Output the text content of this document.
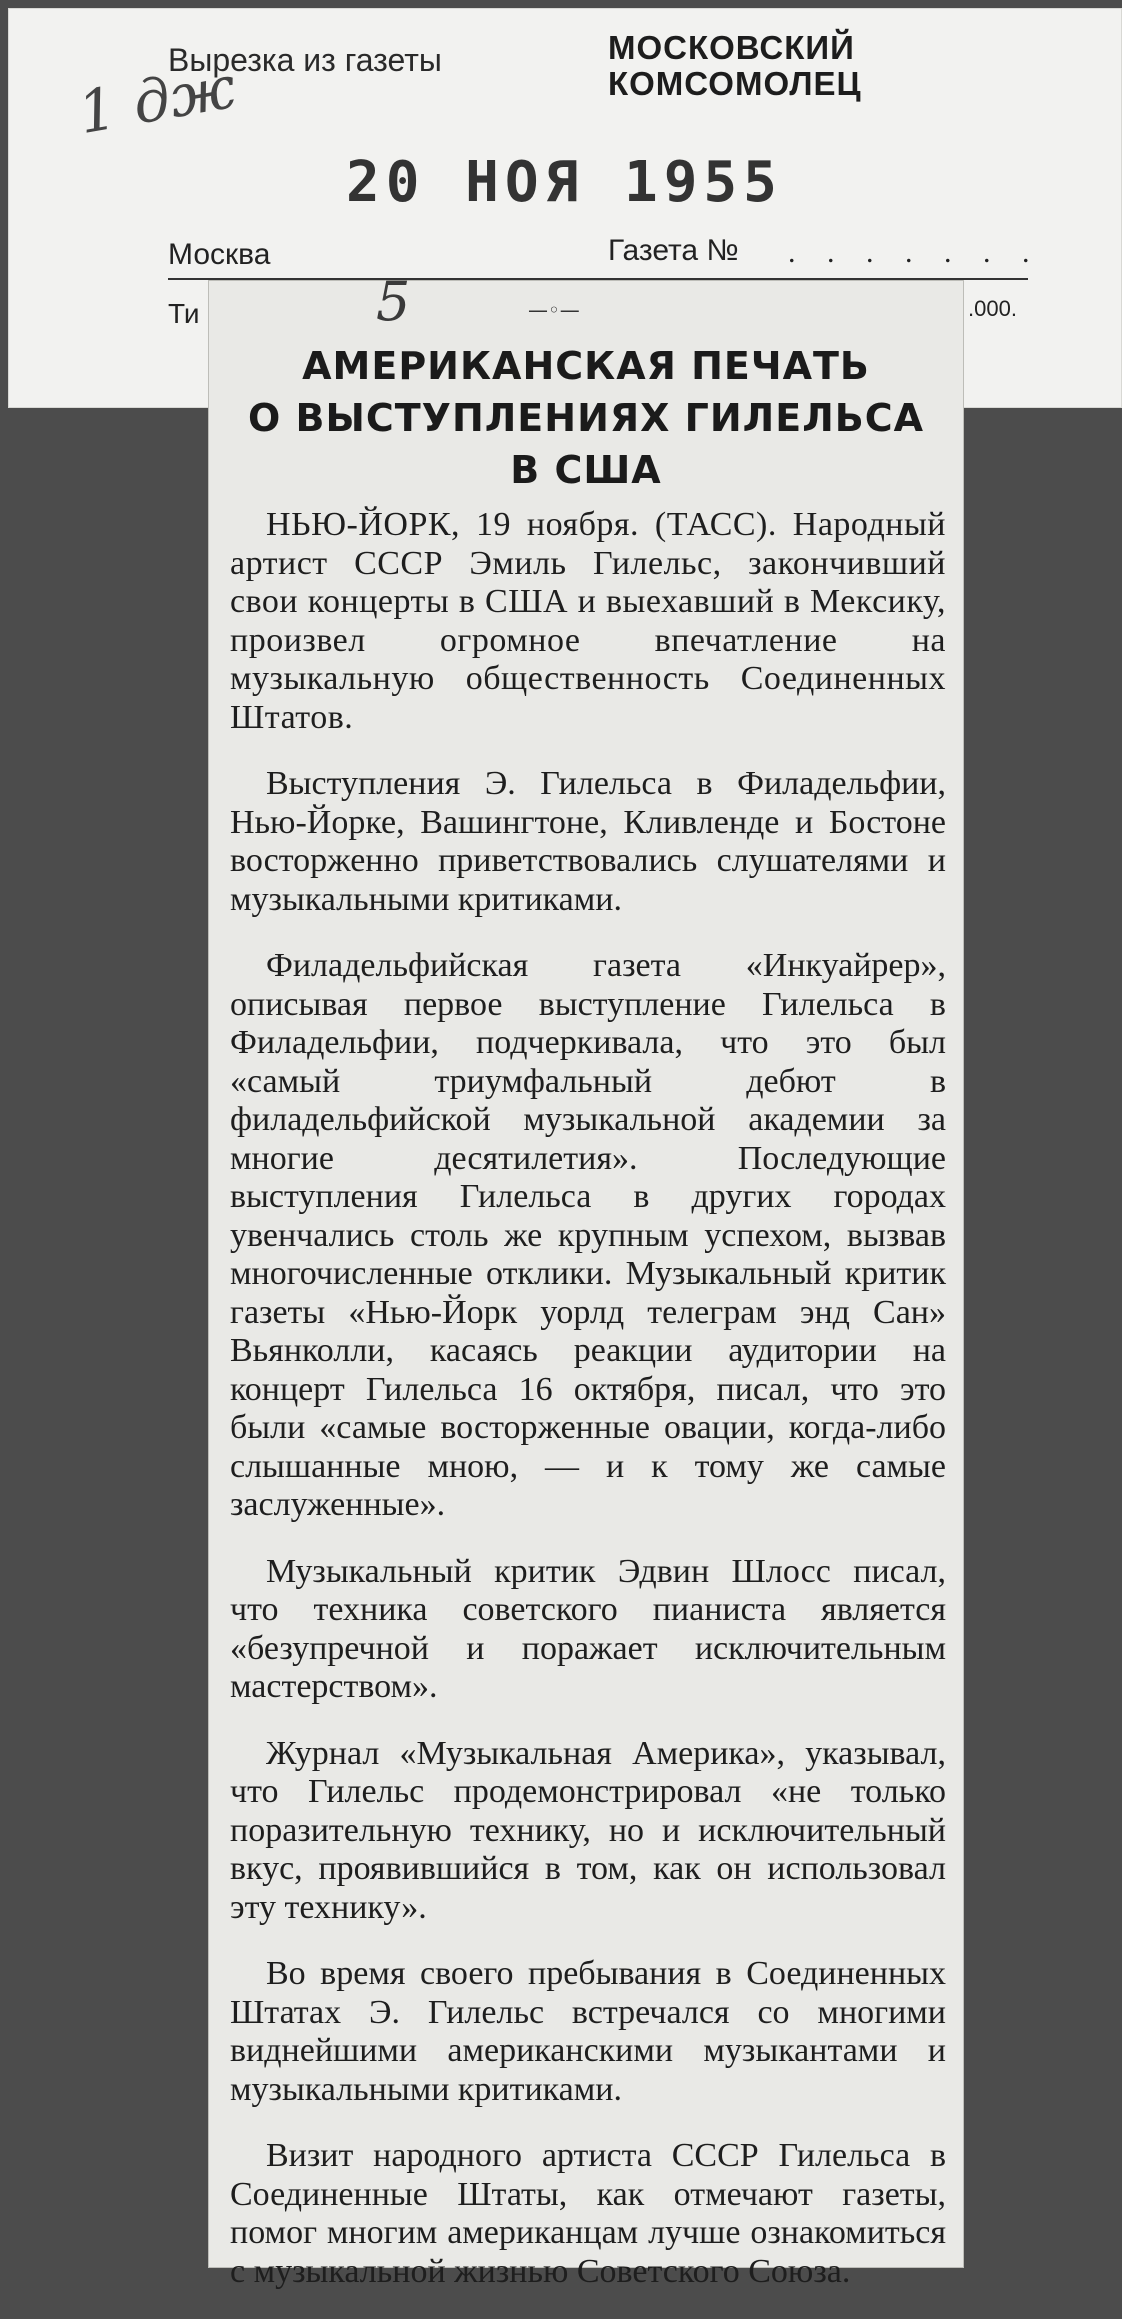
1 дж
Вырезка из газеты	МОСКОВСКИЙ
КОМСОМОЛЕЦ
20 НОЯ 1955
Москва	Газета № . . . . . . .
Ти	.000.
5	—◦—
АМЕРИКАНСКАЯ ПЕЧАТЬ
О ВЫСТУПЛЕНИЯХ ГИЛЕЛЬСА
В США

НЬЮ-ЙОРК, 19 ноября. (ТАСС). Народный артист СССР Эмиль Гилельс, закончивший свои концерты в США и выехавший в Мексику, произвел огромное впечатление на музыкальную общественность Соединенных Штатов.

Выступления Э. Гилельса в Филадельфии, Нью-Йорке, Вашингтоне, Кливленде и Бостоне восторженно приветствовались слушателями и музыкальными критиками.

Филадельфийская газета «Инкуайрер», описывая первое выступление Гилельса в Филадельфии, подчеркивала, что это был «самый триумфальный дебют в филадельфийской музыкальной академии за многие десятилетия». Последующие выступления Гилельса в других городах увенчались столь же крупным успехом, вызвав многочисленные отклики. Музыкальный критик газеты «Нью-Йорк уорлд телеграм энд Сан» Вьянколли, касаясь реакции аудитории на концерт Гилельса 16 октября, писал, что это были «самые восторженные овации, когда-либо слышанные мною, — и к тому же самые заслуженные».

Музыкальный критик Эдвин Шлосс писал, что техника советского пианиста является «безупречной и поражает исключительным мастерством».

Журнал «Музыкальная Америка», указывал, что Гилельс продемонстрировал «не только поразительную технику, но и исключительный вкус, проявившийся в том, как он использовал эту технику».

Во время своего пребывания в Соединенных Штатах Э. Гилельс встречался со многими виднейшими американскими музыкантами и музыкальными критиками.

Визит народного артиста СССР Гилельса в Соединенные Штаты, как отмечают газеты, помог многим американцам лучше ознакомиться с музыкальной жизнью Советского Союза.
